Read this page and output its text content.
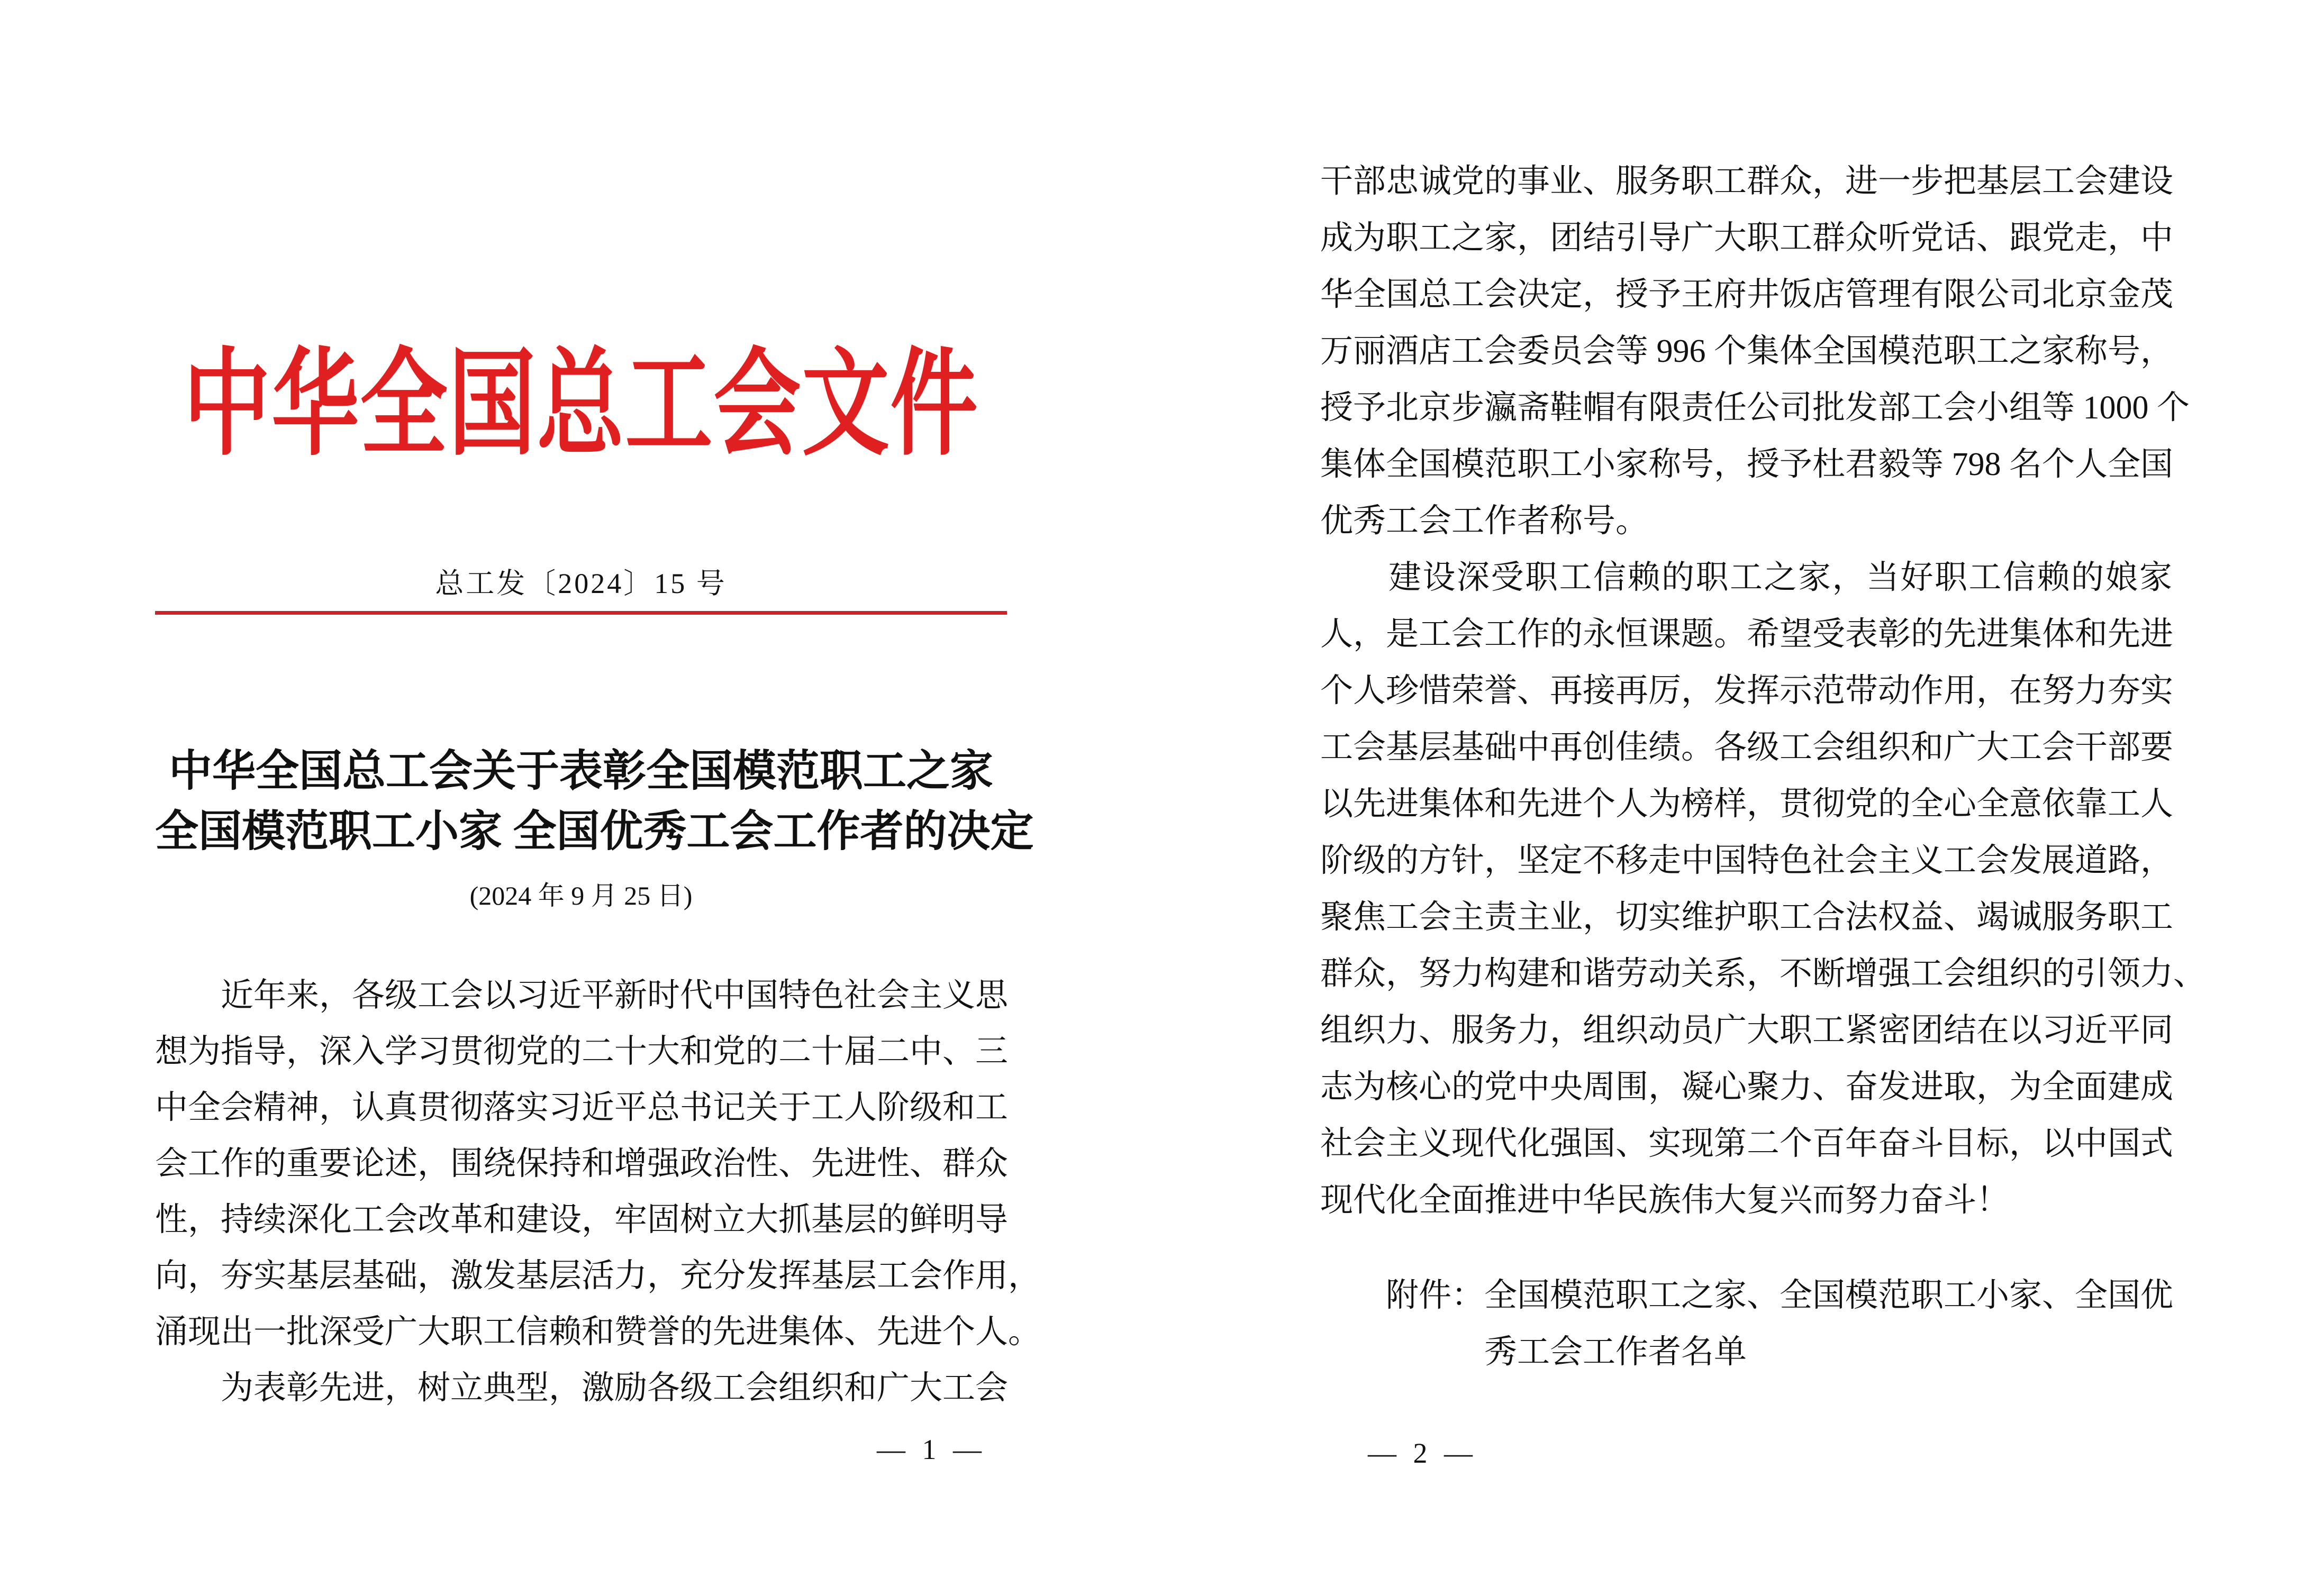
中华全国总工会文件
总工发〔2024〕15 号
中华全国总工会关于表彰全国模范职工之家
全国模范职工小家 全国优秀工会工作者的决定
(2024 年 9 月 25 日)
　　近年来，各级工会以习近平新时代中国特色社会主义思
想为指导，深入学习贯彻党的二十大和党的二十届二中、三
中全会精神，认真贯彻落实习近平总书记关于工人阶级和工
会工作的重要论述，围绕保持和增强政治性、先进性、群众
性，持续深化工会改革和建设，牢固树立大抓基层的鲜明导
向，夯实基层基础，激发基层活力，充分发挥基层工会作用，
涌现出一批深受广大职工信赖和赞誉的先进集体、先进个人。
　　为表彰先进，树立典型，激励各级工会组织和广大工会
— 1 —
干部忠诚党的事业、服务职工群众，进一步把基层工会建设
成为职工之家，团结引导广大职工群众听党话、跟党走，中
华全国总工会决定，授予王府井饭店管理有限公司北京金茂
万丽酒店工会委员会等 996 个集体全国模范职工之家称号，
授予北京步瀛斋鞋帽有限责任公司批发部工会小组等 1000 个
集体全国模范职工小家称号，授予杜君毅等 798 名个人全国
优秀工会工作者称号。
　　建设深受职工信赖的职工之家，当好职工信赖的娘家
人，是工会工作的永恒课题。希望受表彰的先进集体和先进
个人珍惜荣誉、再接再厉，发挥示范带动作用，在努力夯实
工会基层基础中再创佳绩。各级工会组织和广大工会干部要
以先进集体和先进个人为榜样，贯彻党的全心全意依靠工人
阶级的方针，坚定不移走中国特色社会主义工会发展道路，
聚焦工会主责主业，切实维护职工合法权益、竭诚服务职工
群众，努力构建和谐劳动关系，不断增强工会组织的引领力、
组织力、服务力，组织动员广大职工紧密团结在以习近平同
志为核心的党中央周围，凝心聚力、奋发进取，为全面建成
社会主义现代化强国、实现第二个百年奋斗目标，以中国式
现代化全面推进中华民族伟大复兴而努力奋斗！
　　附件：全国模范职工之家、全国模范职工小家、全国优
　　　　　秀工会工作者名单
— 2 —
